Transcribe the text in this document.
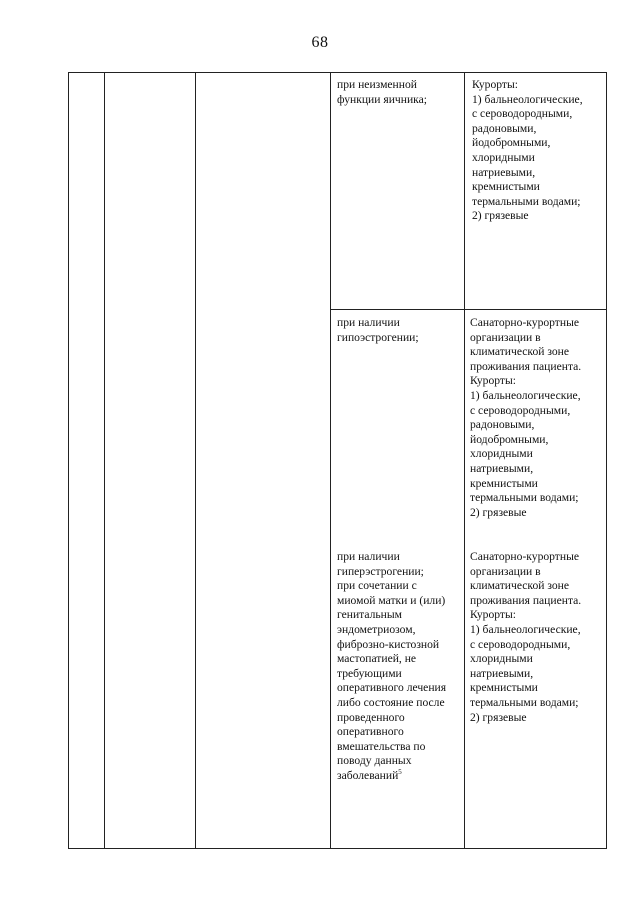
68

при неизменной
функции яичника;

Курорты:
1) бальнеологические,
с сероводородными,
радоновыми,
йодобромными,
хлоридными
натриевыми,
кремнистыми
термальными водами;
2) грязевые

при наличии
гипоэстрогении;

Санаторно-курортные
организации в
климатической зоне
проживания пациента.
Курорты:
1) бальнеологические,
с сероводородными,
радоновыми,
йодобромными,
хлоридными
натриевыми,
кремнистыми
термальными водами;
2) грязевые

при наличии
гиперэстрогении;
при сочетании с
миомой матки и (или)
генитальным
эндометриозом,
фиброзно-кистозной
мастопатией, не
требующими
оперативного лечения
либо состояние после
проведенного
оперативного
вмешательства по
поводу данных
заболеваний$^5$

Санаторно-курортные
организации в
климатической зоне
проживания пациента.
Курорты:
1) бальнеологические,
с сероводородными,
хлоридными
натриевыми,
кремнистыми
термальными водами;
2) грязевые
